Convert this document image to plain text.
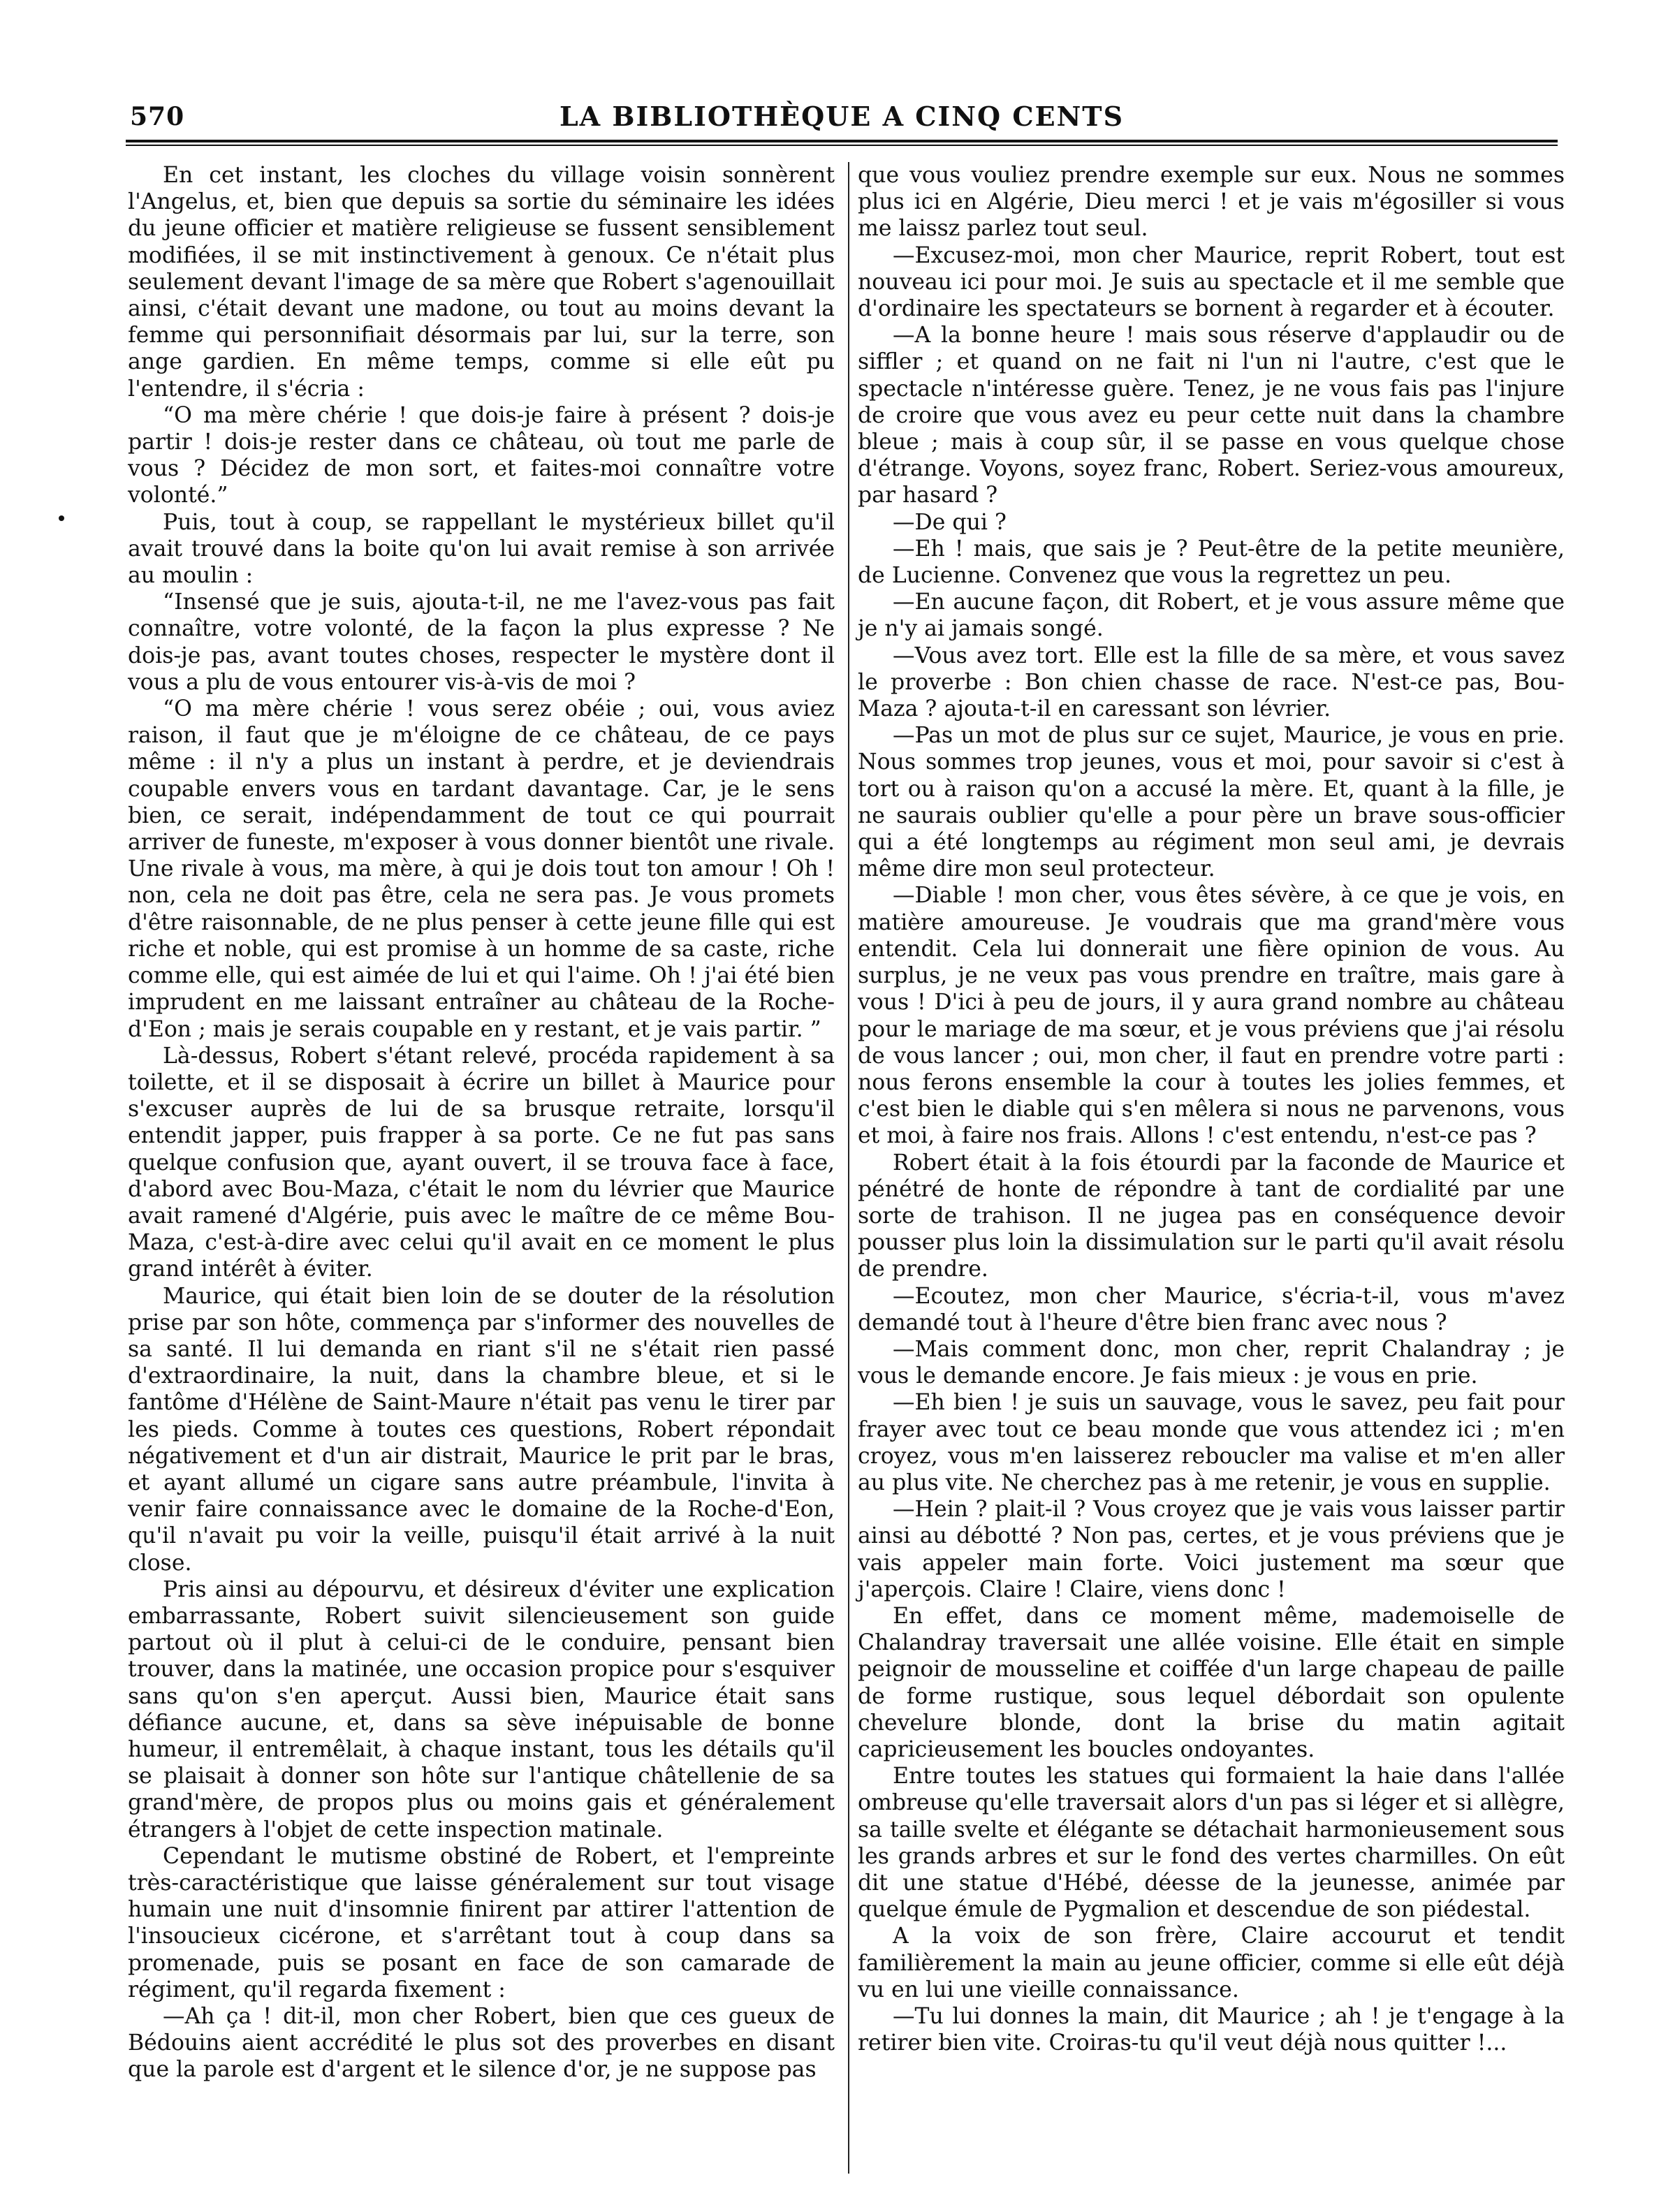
570	LA BIBLIOTHÈQUE A CINQ CENTS

En cet instant, les cloches du village voisin sonnèrent l'Angelus, et, bien que depuis sa sortie du séminaire les idées du jeune officier et matière religieuse se fussent sensiblement modifiées, il se mit instinctivement à genoux. Ce n'était plus seulement devant l'image de sa mère que Robert s'agenouillait ainsi, c'était devant une madone, ou tout au moins devant la femme qui personnifiait désormais par lui, sur la terre, son ange gardien. En même temps, comme si elle eût pu l'entendre, il s'écria :

“O ma mère chérie ! que dois-je faire à présent ? dois-je partir ! dois-je rester dans ce château, où tout me parle de vous ? Décidez de mon sort, et faites-moi connaître votre volonté.”

Puis, tout à coup, se rappellant le mystérieux billet qu'il avait trouvé dans la boite qu'on lui avait remise à son arrivée au moulin :

“Insensé que je suis, ajouta-t-il, ne me l'avez-vous pas fait connaître, votre volonté, de la façon la plus expresse ? Ne dois-je pas, avant toutes choses, respecter le mystère dont il vous a plu de vous entourer vis-à-vis de moi ?

“O ma mère chérie ! vous serez obéie ; oui, vous aviez raison, il faut que je m'éloigne de ce château, de ce pays même : il n'y a plus un instant à perdre, et je deviendrais coupable envers vous en tardant davantage. Car, je le sens bien, ce serait, indépendamment de tout ce qui pourrait arriver de funeste, m'exposer à vous donner bientôt une rivale. Une rivale à vous, ma mère, à qui je dois tout ton amour ! Oh ! non, cela ne doit pas être, cela ne sera pas. Je vous promets d'être raisonnable, de ne plus penser à cette jeune fille qui est riche et noble, qui est promise à un homme de sa caste, riche comme elle, qui est aimée de lui et qui l'aime. Oh ! j'ai été bien imprudent en me laissant entraîner au château de la Roche-d'Eon ; mais je serais coupable en y restant, et je vais partir. ”

Là-dessus, Robert s'étant relevé, procéda rapidement à sa toilette, et il se disposait à écrire un billet à Maurice pour s'excuser auprès de lui de sa brusque retraite, lorsqu'il entendit japper, puis frapper à sa porte. Ce ne fut pas sans quelque confusion que, ayant ouvert, il se trouva face à face, d'abord avec Bou-Maza, c'était le nom du lévrier que Maurice avait ramené d'Algérie, puis avec le maître de ce même Bou-Maza, c'est-à-dire avec celui qu'il avait en ce moment le plus grand intérêt à éviter.

Maurice, qui était bien loin de se douter de la résolution prise par son hôte, commença par s'informer des nouvelles de sa santé. Il lui demanda en riant s'il ne s'était rien passé d'extraordinaire, la nuit, dans la chambre bleue, et si le fantôme d'Hélène de Saint-Maure n'était pas venu le tirer par les pieds. Comme à toutes ces questions, Robert répondait négativement et d'un air distrait, Maurice le prit par le bras, et ayant allumé un cigare sans autre préambule, l'invita à venir faire connaissance avec le domaine de la Roche-d'Eon, qu'il n'avait pu voir la veille, puisqu'il était arrivé à la nuit close.

Pris ainsi au dépourvu, et désireux d'éviter une explication embarrassante, Robert suivit silencieusement son guide partout où il plut à celui-ci de le conduire, pensant bien trouver, dans la matinée, une occasion propice pour s'esquiver sans qu'on s'en aperçut. Aussi bien, Maurice était sans défiance aucune, et, dans sa sève inépuisable de bonne humeur, il entremêlait, à chaque instant, tous les détails qu'il se plaisait à donner son hôte sur l'antique châtellenie de sa grand'mère, de propos plus ou moins gais et généralement étrangers à l'objet de cette inspection matinale.

Cependant le mutisme obstiné de Robert, et l'empreinte très-caractéristique que laisse généralement sur tout visage humain une nuit d'insomnie finirent par attirer l'attention de l'insoucieux cicérone, et s'arrêtant tout à coup dans sa promenade, puis se posant en face de son camarade de régiment, qu'il regarda fixement :

—Ah ça ! dit-il, mon cher Robert, bien que ces gueux de Bédouins aient accrédité le plus sot des proverbes en disant que la parole est d'argent et le silence d'or, je ne suppose pas

que vous vouliez prendre exemple sur eux. Nous ne sommes plus ici en Algérie, Dieu merci ! et je vais m'égosiller si vous me laissz parlez tout seul.

—Excusez-moi, mon cher Maurice, reprit Robert, tout est nouveau ici pour moi. Je suis au spectacle et il me semble que d'ordinaire les spectateurs se bornent à regarder et à écouter.

—A la bonne heure ! mais sous réserve d'applaudir ou de siffler ; et quand on ne fait ni l'un ni l'autre, c'est que le spectacle n'intéresse guère. Tenez, je ne vous fais pas l'injure de croire que vous avez eu peur cette nuit dans la chambre bleue ; mais à coup sûr, il se passe en vous quelque chose d'étrange. Voyons, soyez franc, Robert. Seriez-vous amoureux, par hasard ?

—De qui ?

—Eh ! mais, que sais je ? Peut-être de la petite meunière, de Lucienne. Convenez que vous la regrettez un peu.

—En aucune façon, dit Robert, et je vous assure même que je n'y ai jamais songé.

—Vous avez tort. Elle est la fille de sa mère, et vous savez le proverbe : Bon chien chasse de race. N'est-ce pas, Bou-Maza ? ajouta-t-il en caressant son lévrier.

—Pas un mot de plus sur ce sujet, Maurice, je vous en prie. Nous sommes trop jeunes, vous et moi, pour savoir si c'est à tort ou à raison qu'on a accusé la mère. Et, quant à la fille, je ne saurais oublier qu'elle a pour père un brave sous-officier qui a été longtemps au régiment mon seul ami, je devrais même dire mon seul protecteur.

—Diable ! mon cher, vous êtes sévère, à ce que je vois, en matière amoureuse. Je voudrais que ma grand'mère vous entendit. Cela lui donnerait une fière opinion de vous. Au surplus, je ne veux pas vous prendre en traître, mais gare à vous ! D'ici à peu de jours, il y aura grand nombre au château pour le mariage de ma sœur, et je vous préviens que j'ai résolu de vous lancer ; oui, mon cher, il faut en prendre votre parti : nous ferons ensemble la cour à toutes les jolies femmes, et c'est bien le diable qui s'en mêlera si nous ne parvenons, vous et moi, à faire nos frais. Allons ! c'est entendu, n'est-ce pas ?

Robert était à la fois étourdi par la faconde de Maurice et pénétré de honte de répondre à tant de cordialité par une sorte de trahison. Il ne jugea pas en conséquence devoir pousser plus loin la dissimulation sur le parti qu'il avait résolu de prendre.

—Ecoutez, mon cher Maurice, s'écria-t-il, vous m'avez demandé tout à l'heure d'être bien franc avec nous ?

—Mais comment donc, mon cher, reprit Chalandray ; je vous le demande encore. Je fais mieux : je vous en prie.

—Eh bien ! je suis un sauvage, vous le savez, peu fait pour frayer avec tout ce beau monde que vous attendez ici ; m'en croyez, vous m'en laisserez reboucler ma valise et m'en aller au plus vite. Ne cherchez pas à me retenir, je vous en supplie.

—Hein ? plait-il ? Vous croyez que je vais vous laisser partir ainsi au débotté ? Non pas, certes, et je vous préviens que je vais appeler main forte. Voici justement ma sœur que j'aperçois. Claire ! Claire, viens donc !

En effet, dans ce moment même, mademoiselle de Chalandray traversait une allée voisine. Elle était en simple peignoir de mousseline et coiffée d'un large chapeau de paille de forme rustique, sous lequel débordait son opulente chevelure blonde, dont la brise du matin agitait capricieusement les boucles ondoyantes.

Entre toutes les statues qui formaient la haie dans l'allée ombreuse qu'elle traversait alors d'un pas si léger et si allègre, sa taille svelte et élégante se détachait harmonieusement sous les grands arbres et sur le fond des vertes charmilles. On eût dit une statue d'Hébé, déesse de la jeunesse, animée par quelque émule de Pygmalion et descendue de son piédestal.

A la voix de son frère, Claire accourut et tendit familièrement la main au jeune officier, comme si elle eût déjà vu en lui une vieille connaissance.

—Tu lui donnes la main, dit Maurice ; ah ! je t'engage à la retirer bien vite. Croiras-tu qu'il veut déjà nous quitter !...
